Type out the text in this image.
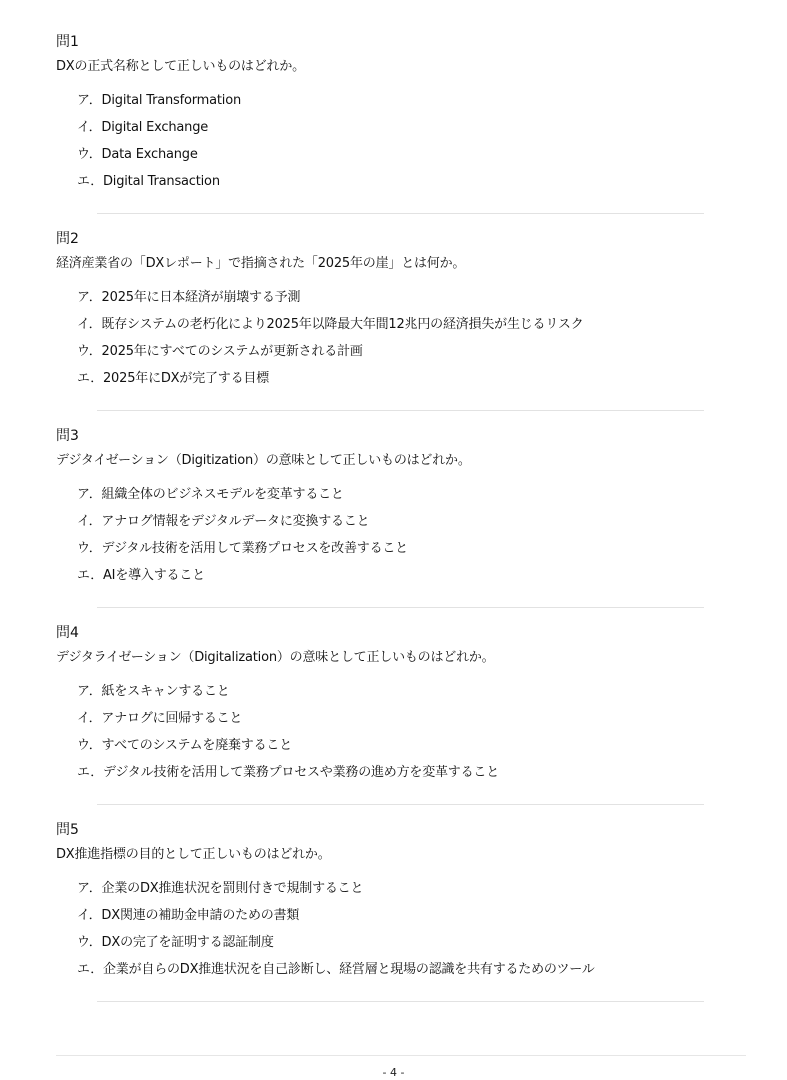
問1
DXの正式名称として正しいものはどれか。
ア．Digital Transformation
イ．Digital Exchange
ウ．Data Exchange
エ．Digital Transaction
問2
経済産業省の「DXレポート」で指摘された「2025年の崖」とは何か。
ア．2025年に日本経済が崩壊する予測
イ．既存システムの老朽化により2025年以降最大年間12兆円の経済損失が生じるリスク
ウ．2025年にすべてのシステムが更新される計画
エ．2025年にDXが完了する目標
問3
デジタイゼーション（Digitization）の意味として正しいものはどれか。
ア．組織全体のビジネスモデルを変革すること
イ．アナログ情報をデジタルデータに変換すること
ウ．デジタル技術を活用して業務プロセスを改善すること
エ．AIを導入すること
問4
デジタライゼーション（Digitalization）の意味として正しいものはどれか。
ア．紙をスキャンすること
イ．アナログに回帰すること
ウ．すべてのシステムを廃棄すること
エ．デジタル技術を活用して業務プロセスや業務の進め方を変革すること
問5
DX推進指標の目的として正しいものはどれか。
ア．企業のDX推進状況を罰則付きで規制すること
イ．DX関連の補助金申請のための書類
ウ．DXの完了を証明する認証制度
エ．企業が自らのDX推進状況を自己診断し、経営層と現場の認識を共有するためのツール
- 4 -
